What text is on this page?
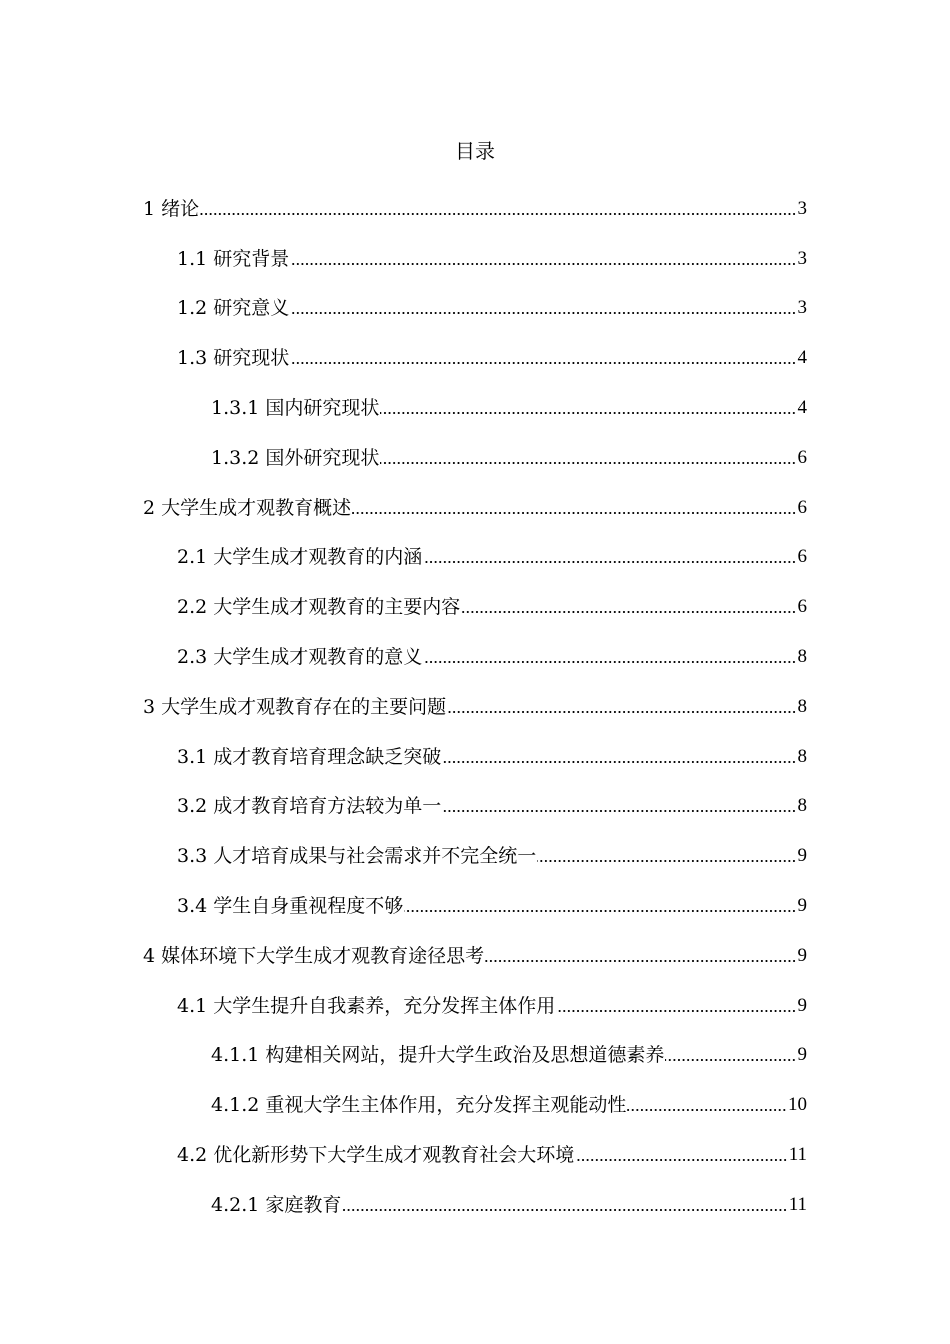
目录
1 绪论	3
1.1 研究背景	3
1.2 研究意义	3
1.3 研究现状	4
1.3.1 国内研究现状	4
1.3.2 国外研究现状	6
2 大学生成才观教育概述	6
2.1 大学生成才观教育的内涵	6
2.2 大学生成才观教育的主要内容	6
2.3 大学生成才观教育的意义	8
3 大学生成才观教育存在的主要问题	8
3.1 成才教育培育理念缺乏突破	8
3.2 成才教育培育方法较为单一	8
3.3 人才培育成果与社会需求并不完全统一	9
3.4 学生自身重视程度不够	9
4 媒体环境下大学生成才观教育途径思考	9
4.1 大学生提升自我素养，充分发挥主体作用	9
4.1.1 构建相关网站，提升大学生政治及思想道德素养	9
4.1.2 重视大学生主体作用，充分发挥主观能动性	10
4.2 优化新形势下大学生成才观教育社会大环境	11
4.2.1 家庭教育	11
